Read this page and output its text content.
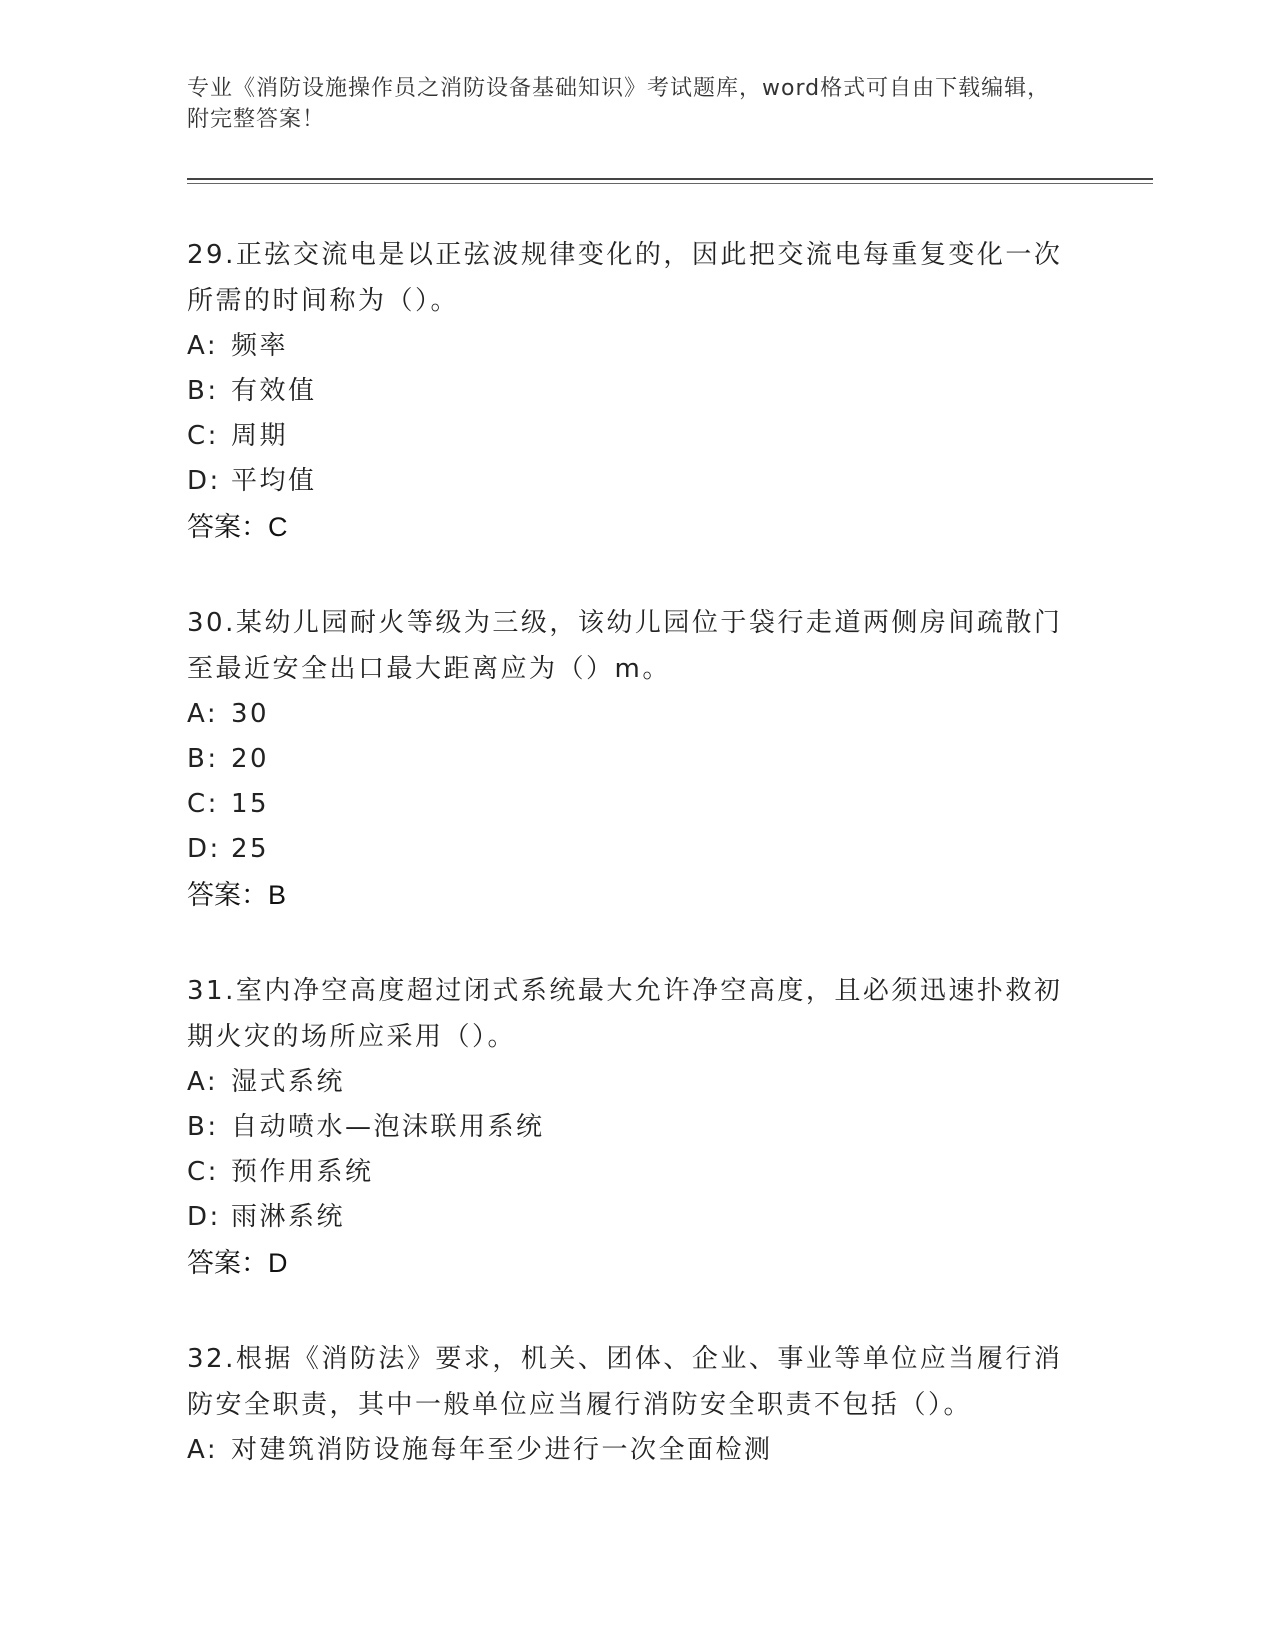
专业《消防设施操作员之消防设备基础知识》考试题库，word格式可自由下载编辑，附完整答案！

29.正弦交流电是以正弦波规律变化的，因此把交流电每重复变化一次所需的时间称为（）。

A: 频率

B: 有效值

C: 周期

D: 平均值

答案：C

30.某幼儿园耐火等级为三级，该幼儿园位于袋行走道两侧房间疏散门至最近安全出口最大距离应为（）m。

A: 30

B: 20

C: 15

D: 25

答案：B

31.室内净空高度超过闭式系统最大允许净空高度，且必须迅速扑救初期火灾的场所应采用（）。

A: 湿式系统

B: 自动喷水—泡沫联用系统

C: 预作用系统

D: 雨淋系统

答案：D

32.根据《消防法》要求，机关、团体、企业、事业等单位应当履行消防安全职责，其中一般单位应当履行消防安全职责不包括（）。

A: 对建筑消防设施每年至少进行一次全面检测
